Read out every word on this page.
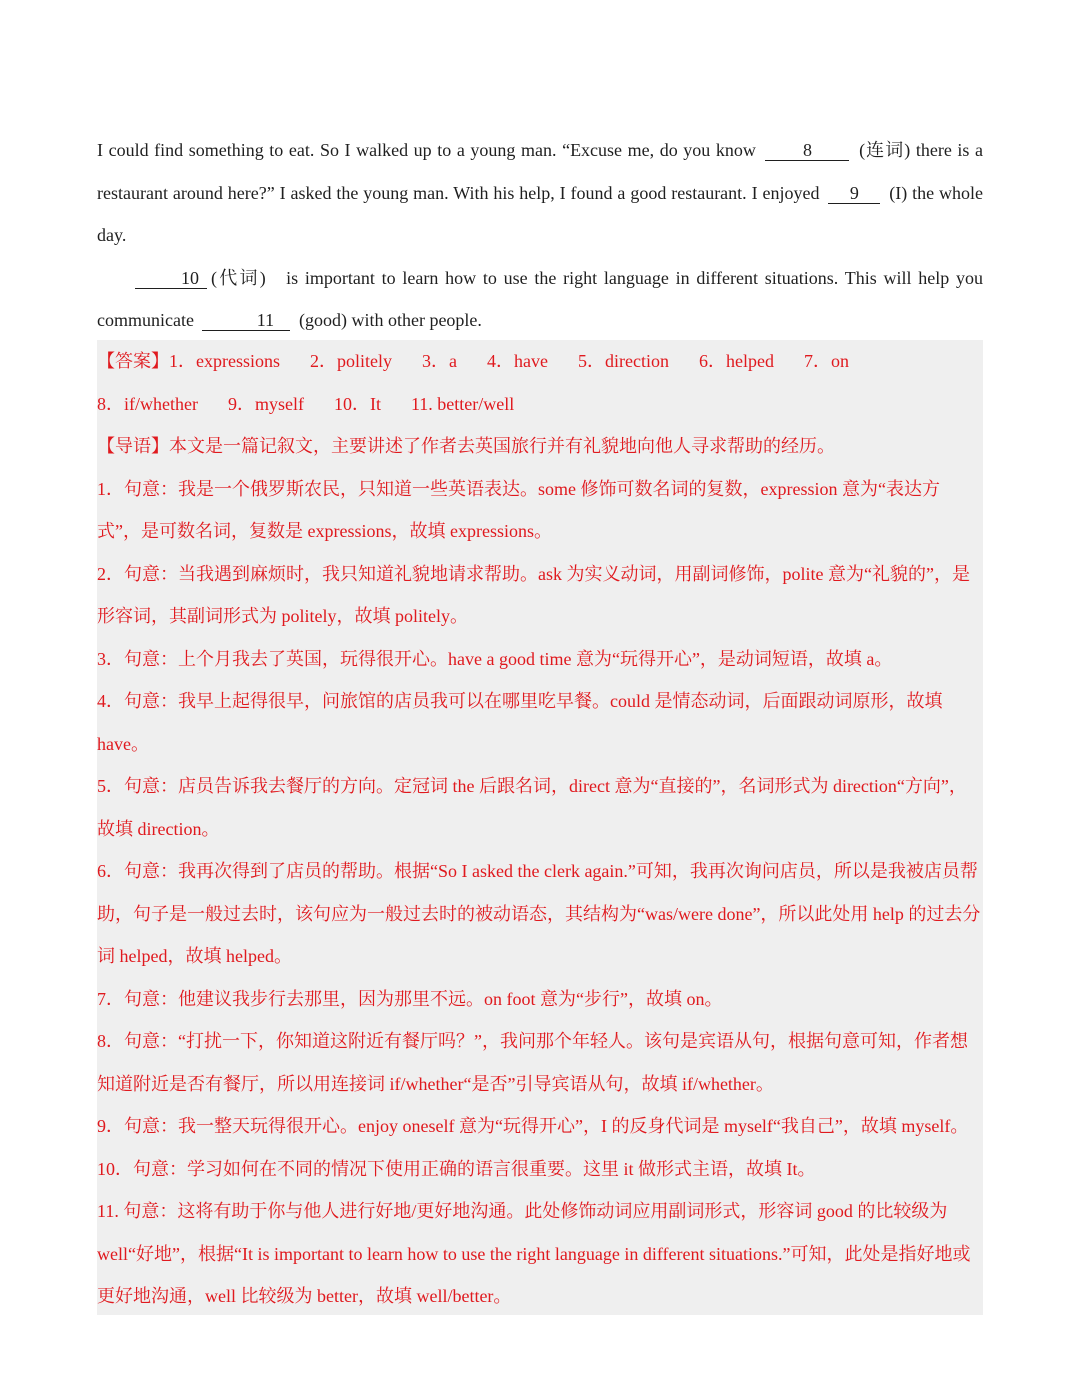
I could find something to eat. So I walked up to a young man. “Excuse me, do you know	8	(连词) there is a restaurant around here?” I asked the young man. With his help, I found a good restaurant. I enjoyed 9 (I) the whole day.

10 (代词)   is important to learn how to use the right language in different situations. This will help you communicate	11 (good) with other people.

【答案】1．expressions 2．politely 3．a 4．have 5．direction 6．helped 7．on

8．if/whether 9．myself 10．It 11. better/well

【导语】本文是一篇记叙文，主要讲述了作者去英国旅行并有礼貌地向他人寻求帮助的经历。

1．句意：我是一个俄罗斯农民，只知道一些英语表达。some 修饰可数名词的复数，expression 意为“表达方式”，是可数名词，复数是 expressions，故填 expressions。

2．句意：当我遇到麻烦时，我只知道礼貌地请求帮助。ask 为实义动词，用副词修饰，polite 意为“礼貌的”，是形容词，其副词形式为 politely，故填 politely。

3．句意：上个月我去了英国，玩得很开心。have a good time 意为“玩得开心”，是动词短语，故填 a。

4．句意：我早上起得很早，问旅馆的店员我可以在哪里吃早餐。could 是情态动词，后面跟动词原形，故填 have。

5．句意：店员告诉我去餐厅的方向。定冠词 the 后跟名词，direct 意为“直接的”，名词形式为 direction“方向”，故填 direction。

6．句意：我再次得到了店员的帮助。根据“So I asked the clerk again.”可知，我再次询问店员，所以是我被店员帮助，句子是一般过去时，该句应为一般过去时的被动语态，其结构为“was/were done”，所以此处用 help 的过去分词 helped，故填 helped。

7．句意：他建议我步行去那里，因为那里不远。on foot 意为“步行”，故填 on。

8．句意：“打扰一下，你知道这附近有餐厅吗？”，我问那个年轻人。该句是宾语从句，根据句意可知，作者想知道附近是否有餐厅，所以用连接词 if/whether“是否”引导宾语从句，故填 if/whether。

9．句意：我一整天玩得很开心。enjoy oneself 意为“玩得开心”，I 的反身代词是 myself“我自己”，故填 myself。

10．句意：学习如何在不同的情况下使用正确的语言很重要。这里 it 做形式主语，故填 It。

11. 句意：这将有助于你与他人进行好地/更好地沟通。此处修饰动词应用副词形式，形容词 good 的比较级为 well“好地”，根据“It is important to learn how to use the right language in different situations.”可知，此处是指好地或更好地沟通，well 比较级为 better，故填 well/better。
